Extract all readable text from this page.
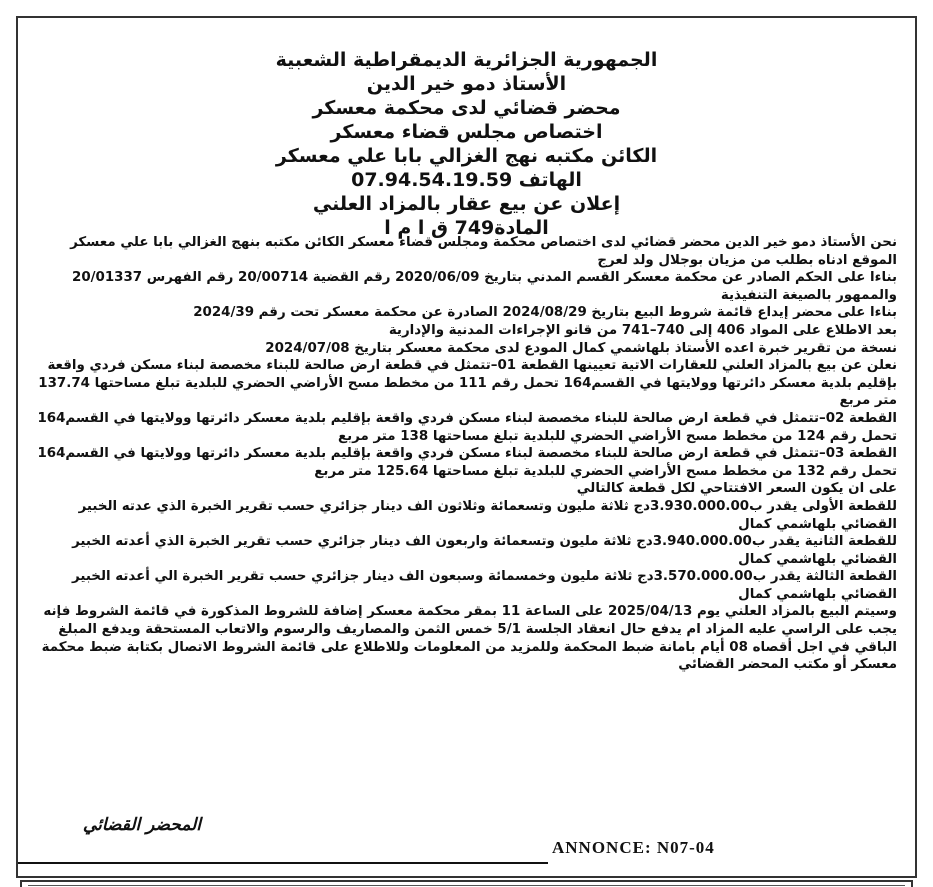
الجمهورية الجزائرية الديمقراطية الشعبية

الأستاذ دمو خير الدين

محضر قضائي لدى محكمة معسكر

اختصاص مجلس قضاء معسكر

الكائن مكتبه نهج الغزالي بابا علي معسكر

الهاتف 07.94.54.19.59

إعلان عن بيع عقار بالمزاد العلني

المادة749 ق ا م ا

نحن الأستاذ دمو خير الدين محضر قضائي لدى اختصاص محكمة ومجلس قضاء معسكر الكائن مكتبه بنهج الغزالي بابا علي معسكر الموقع ادناه بطلب من مزيان بوجلال ولد لعرج

بناءا على الحكم الصادر عن محكمة معسكر القسم المدني بتاريخ 2020/06/09 رقم القضية 20/00714 رقم الفهرس 20/01337 والممهور بالصيغة التنفيذية

بناءا على محضر إيداع قائمة شروط البيع بتاريخ 2024/08/29 الصادرة عن محكمة معسكر تحت رقم 2024/39

بعد الاطلاع على المواد 406 إلى 740–741 من قانو الإجراءات المدنية والإدارية

نسخة من تقرير خبرة اعده الأستاذ بلهاشمي كمال المودع لدى محكمة معسكر بتاريخ 2024/07/08

نعلن عن بيع بالمزاد العلني للعقارات الاتية تعيينها القطعة 01–تتمثل في قطعة ارض صالحة للبناء مخصصة لبناء مسكن فردي واقعة بإقليم بلدية معسكر دائرتها وولايتها في القسم164 تحمل رقم 111 من مخطط مسح الأراضي الحضري للبلدية تبلغ مساحتها 137.74 متر مربع

القطعة 02–تتمثل في قطعة ارض صالحة للبناء مخصصة لبناء مسكن فردي واقعة بإقليم بلدية معسكر دائرتها وولايتها في القسم164 تحمل رقم 124 من مخطط مسح الأراضي الحضري للبلدية تبلغ مساحتها 138 متر مربع

القطعة 03–تتمثل في قطعة ارض صالحة للبناء مخصصة لبناء مسكن فردي واقعة بإقليم بلدية معسكر دائرتها وولايتها في القسم164 تحمل رقم 132 من مخطط مسح الأراضي الحضري للبلدية تبلغ مساحتها 125.64 متر مربع

على ان يكون السعر الافتتاحي لكل قطعة كالتالي

للقطعة الأولى يقدر ب3.930.000.00دج ثلاثة مليون وتسعمائة وثلاثون الف دينار جزائري حسب تقرير الخبرة الذي عدته الخبير القضائي بلهاشمي كمال

للقطعة الثانية يقدر ب3.940.000.00دج ثلاثة مليون وتسعمائة واربعون الف دينار جزائري حسب تقرير الخبرة الذي أعدته الخبير القضائي بلهاشمي كمال

القطعة الثالثة يقدر ب3.570.000.00دج ثلاثة مليون وخمسمائة وسبعون الف دينار جزائري حسب تقرير الخبرة الي أعدته الخبير القضائي بلهاشمي كمال

وسيتم البيع بالمزاد العلني يوم 2025/04/13 على الساعة 11 بمقر محكمة معسكر إضافة للشروط المذكورة في قائمة الشروط فإنه يجب على الراسي عليه المزاد ام يدفع حال انعقاد الجلسة 5/1 خمس الثمن والمصاريف والرسوم والاتعاب المستحقة ويدفع المبلغ الباقي في اجل أقصاه 08 أيام بامانة ضبط المحكمة وللمزيد من المعلومات وللاطلاع على قائمة الشروط الاتصال بكتابة ضبط محكمة معسكر أو مكتب المحضر القضائي

المحضر القضائي
ANNONCE: N07-04
